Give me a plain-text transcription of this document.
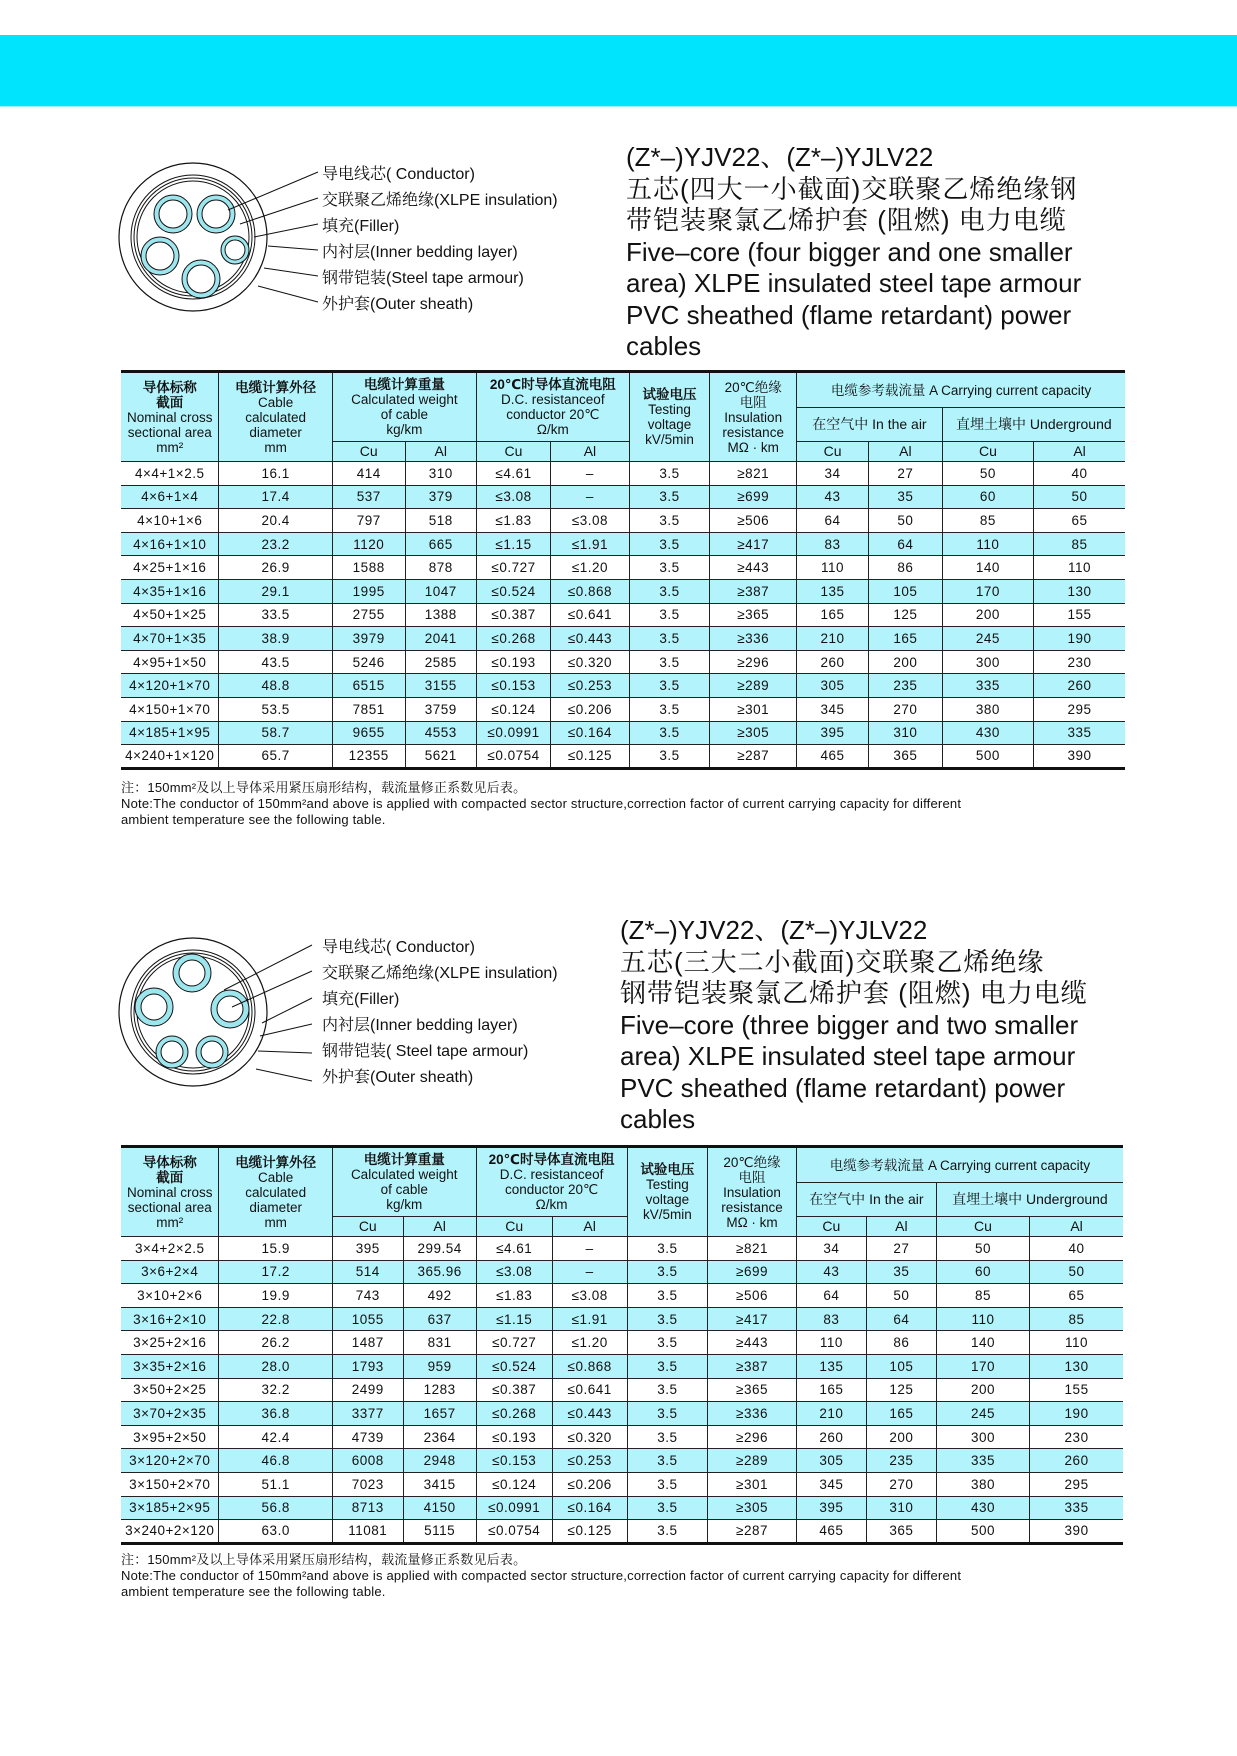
导电线芯( Conductor)
交联聚乙烯绝缘(XLPE insulation)
填充(Filler)
内衬层(Inner bedding layer)
钢带铠装(Steel tape armour)
外护套(Outer sheath)
(Z*–)YJV22、(Z*–)YJLV22
五芯(四大一小截面)交联聚乙烯绝缘钢
带铠装聚氯乙烯护套 (阻燃) 电力电缆
Five–core (four bigger and one smaller
area) XLPE insulated steel tape armour
PVC sheathed (flame retardant) power
cables
导体标称
截面
Nominal cross
sectional area
mm²

电缆计算外径
Cable
calculated
diameter
mm

电缆计算重量
Calculated weight
of cable
kg/km

20℃时导体直流电阻
D.C. resistanceof
conductor 20℃
Ω/km

试验电压
Testing
voltage
kV/5min

20℃绝缘
电阻
Insulation
resistance
MΩ · km
	电缆参考载流量 A Carrying current capacity
								在空气中 In the air		直埋土壤中 Underground	
		Cu	Al	Cu	Al			Cu	Al	Cu	Al
4×4+1×2.5	16.1	414	310	≤4.61	–	3.5	≥821	34	27	50	40
4×6+1×4	17.4	537	379	≤3.08	–	3.5	≥699	43	35	60	50
4×10+1×6	20.4	797	518	≤1.83	≤3.08	3.5	≥506	64	50	85	65
4×16+1×10	23.2	1120	665	≤1.15	≤1.91	3.5	≥417	83	64	110	85
4×25+1×16	26.9	1588	878	≤0.727	≤1.20	3.5	≥443	110	86	140	110
4×35+1×16	29.1	1995	1047	≤0.524	≤0.868	3.5	≥387	135	105	170	130
4×50+1×25	33.5	2755	1388	≤0.387	≤0.641	3.5	≥365	165	125	200	155
4×70+1×35	38.9	3979	2041	≤0.268	≤0.443	3.5	≥336	210	165	245	190
4×95+1×50	43.5	5246	2585	≤0.193	≤0.320	3.5	≥296	260	200	300	230
4×120+1×70	48.8	6515	3155	≤0.153	≤0.253	3.5	≥289	305	235	335	260
4×150+1×70	53.5	7851	3759	≤0.124	≤0.206	3.5	≥301	345	270	380	295
4×185+1×95	58.7	9655	4553	≤0.0991	≤0.164	3.5	≥305	395	310	430	335
4×240+1×120	65.7	12355	5621	≤0.0754	≤0.125	3.5	≥287	465	365	500	390
注：150mm²及以上导体采用紧压扇形结构，载流量修正系数见后表。
Note:The conductor of 150mm²and above is applied with compacted sector structure,correction factor of current carrying capacity for different
ambient temperature see the following table.
导电线芯( Conductor)
交联聚乙烯绝缘(XLPE insulation)
填充(Filler)
内衬层(Inner bedding layer)
钢带铠装( Steel tape armour)
外护套(Outer sheath)
(Z*–)YJV22、(Z*–)YJLV22
五芯(三大二小截面)交联聚乙烯绝缘
钢带铠装聚氯乙烯护套 (阻燃) 电力电缆
Five–core (three bigger and two smaller
area) XLPE insulated steel tape armour
PVC sheathed (flame retardant) power
cables
导体标称
截面
Nominal cross
sectional area
mm²

电缆计算外径
Cable
calculated
diameter
mm

电缆计算重量
Calculated weight
of cable
kg/km

20℃时导体直流电阻
D.C. resistanceof
conductor 20℃
Ω/km

试验电压
Testing
voltage
kV/5min

20℃绝缘
电阻
Insulation
resistance
MΩ · km
	电缆参考载流量 A Carrying current capacity
								在空气中 In the air		直埋土壤中 Underground	
		Cu	Al	Cu	Al			Cu	Al	Cu	Al
3×4+2×2.5	15.9	395	299.54	≤4.61	–	3.5	≥821	34	27	50	40
3×6+2×4	17.2	514	365.96	≤3.08	–	3.5	≥699	43	35	60	50
3×10+2×6	19.9	743	492	≤1.83	≤3.08	3.5	≥506	64	50	85	65
3×16+2×10	22.8	1055	637	≤1.15	≤1.91	3.5	≥417	83	64	110	85
3×25+2×16	26.2	1487	831	≤0.727	≤1.20	3.5	≥443	110	86	140	110
3×35+2×16	28.0	1793	959	≤0.524	≤0.868	3.5	≥387	135	105	170	130
3×50+2×25	32.2	2499	1283	≤0.387	≤0.641	3.5	≥365	165	125	200	155
3×70+2×35	36.8	3377	1657	≤0.268	≤0.443	3.5	≥336	210	165	245	190
3×95+2×50	42.4	4739	2364	≤0.193	≤0.320	3.5	≥296	260	200	300	230
3×120+2×70	46.8	6008	2948	≤0.153	≤0.253	3.5	≥289	305	235	335	260
3×150+2×70	51.1	7023	3415	≤0.124	≤0.206	3.5	≥301	345	270	380	295
3×185+2×95	56.8	8713	4150	≤0.0991	≤0.164	3.5	≥305	395	310	430	335
3×240+2×120	63.0	11081	5115	≤0.0754	≤0.125	3.5	≥287	465	365	500	390
注：150mm²及以上导体采用紧压扇形结构，载流量修正系数见后表。
Note:The conductor of 150mm²and above is applied with compacted sector structure,correction factor of current carrying capacity for different
ambient temperature see the following table.
